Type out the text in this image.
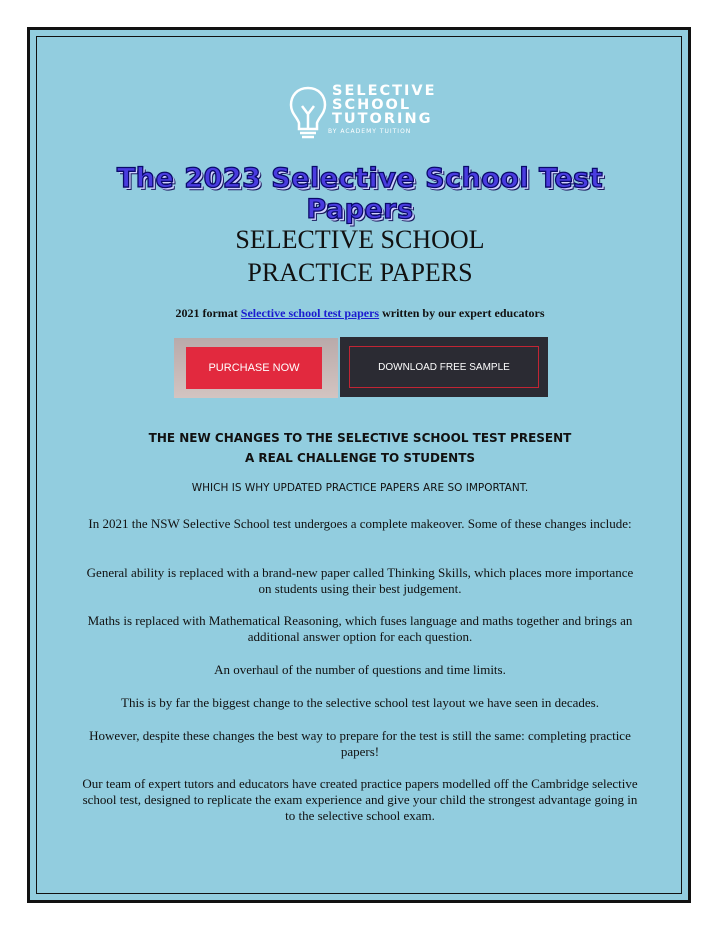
SELECTIVE
SCHOOL
TUTORING
BY ACADEMY TUITION
The 2023 Selective School Test Papers
SELECTIVE SCHOOL
PRACTICE PAPERS
2021 format Selective school test papers written by our expert educators
PURCHASE NOW	DOWNLOAD FREE SAMPLE
THE NEW CHANGES TO THE SELECTIVE SCHOOL TEST PRESENT
A REAL CHALLENGE TO STUDENTS
WHICH IS WHY UPDATED PRACTICE PAPERS ARE SO IMPORTANT.
In 2021 the NSW Selective School test undergoes a complete makeover. Some of these changes include:
General ability is replaced with a brand-new paper called Thinking Skills, which places more importance on students using their best judgement.
Maths is replaced with Mathematical Reasoning, which fuses language and maths together and brings an additional answer option for each question.
An overhaul of the number of questions and time limits.
This is by far the biggest change to the selective school test layout we have seen in decades.
However, despite these changes the best way to prepare for the test is still the same: completing practice papers!
Our team of expert tutors and educators have created practice papers modelled off the Cambridge selective school test, designed to replicate the exam experience and give your child the strongest advantage going in to the selective school exam.
